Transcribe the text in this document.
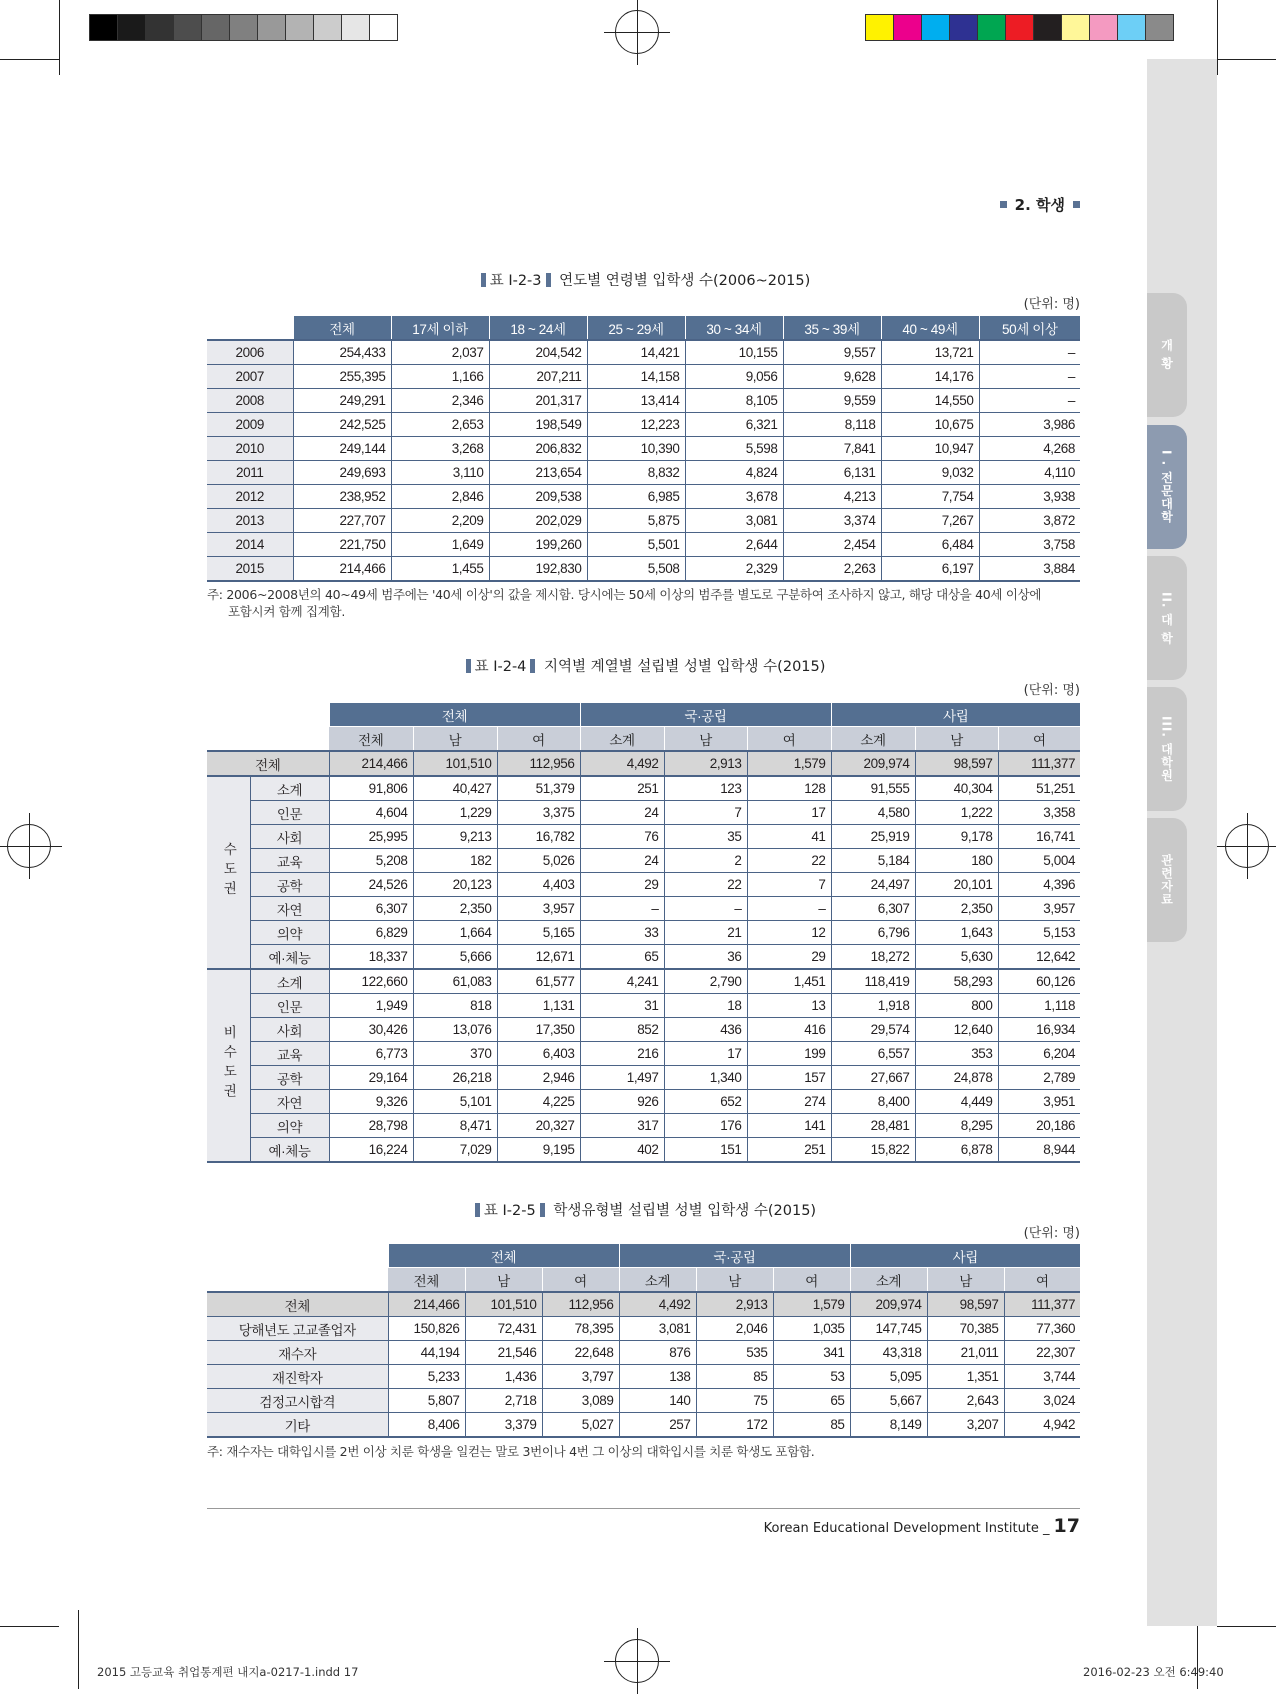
개 황
I . 전문대학
II. 대 학
III. 대학원
관련자료
2. 학생
표 I-2-3 연도별 연령별 입학생 수(2006~2015)
(단위: 명)
	전체	17세 이하	18 ~ 24세	25 ~ 29세	30 ~ 34세	35 ~ 39세	40 ~ 49세	50세 이상
2006	254,433	2,037	204,542	14,421	10,155	9,557	13,721	–
2007	255,395	1,166	207,211	14,158	9,056	9,628	14,176	–
2008	249,291	2,346	201,317	13,414	8,105	9,559	14,550	–
2009	242,525	2,653	198,549	12,223	6,321	8,118	10,675	3,986
2010	249,144	3,268	206,832	10,390	5,598	7,841	10,947	4,268
2011	249,693	3,110	213,654	8,832	4,824	6,131	9,032	4,110
2012	238,952	2,846	209,538	6,985	3,678	4,213	7,754	3,938
2013	227,707	2,209	202,029	5,875	3,081	3,374	7,267	3,872
2014	221,750	1,649	199,260	5,501	2,644	2,454	6,484	3,758
2015	214,466	1,455	192,830	5,508	2,329	2,263	6,197	3,884
주: 2006~2008년의 40~49세 범주에는 '40세 이상'의 값을 제시함. 당시에는 50세 이상의 범주를 별도로 구분하여 조사하지 않고, 해당 대상을 40세 이상에
포함시켜 함께 집계함.
표 I-2-4 지역별 계열별 설립별 성별 입학생 수(2015)
(단위: 명)
		전체			국·공립			사립		
		전체	남	여	소계	남	여	소계	남	여
전체		214,466	101,510	112,956	4,492	2,913	1,579	209,974	98,597	111,377
수도권	소계	91,806	40,427	51,379	251	123	128	91,555	40,304	51,251
	인문	4,604	1,229	3,375	24	7	17	4,580	1,222	3,358
	사회	25,995	9,213	16,782	76	35	41	25,919	9,178	16,741
	교육	5,208	182	5,026	24	2	22	5,184	180	5,004
	공학	24,526	20,123	4,403	29	22	7	24,497	20,101	4,396
	자연	6,307	2,350	3,957	–	–	–	6,307	2,350	3,957
	의약	6,829	1,664	5,165	33	21	12	6,796	1,643	5,153
	예·체능	18,337	5,666	12,671	65	36	29	18,272	5,630	12,642
비수도권	소계	122,660	61,083	61,577	4,241	2,790	1,451	118,419	58,293	60,126
	인문	1,949	818	1,131	31	18	13	1,918	800	1,118
	사회	30,426	13,076	17,350	852	436	416	29,574	12,640	16,934
	교육	6,773	370	6,403	216	17	199	6,557	353	6,204
	공학	29,164	26,218	2,946	1,497	1,340	157	27,667	24,878	2,789
	자연	9,326	5,101	4,225	926	652	274	8,400	4,449	3,951
	의약	28,798	8,471	20,327	317	176	141	28,481	8,295	20,186
	예·체능	16,224	7,029	9,195	402	151	251	15,822	6,878	8,944
표 I-2-5 학생유형별 설립별 성별 입학생 수(2015)
(단위: 명)
	전체			국·공립			사립		
	전체	남	여	소계	남	여	소계	남	여
전체	214,466	101,510	112,956	4,492	2,913	1,579	209,974	98,597	111,377
당해년도 고교졸업자	150,826	72,431	78,395	3,081	2,046	1,035	147,745	70,385	77,360
재수자	44,194	21,546	22,648	876	535	341	43,318	21,011	22,307
재진학자	5,233	1,436	3,797	138	85	53	5,095	1,351	3,744
검정고시합격	5,807	2,718	3,089	140	75	65	5,667	2,643	3,024
기타	8,406	3,379	5,027	257	172	85	8,149	3,207	4,942
주: 재수자는 대학입시를 2번 이상 치룬 학생을 일컫는 말로 3번이나 4번 그 이상의 대학입시를 치룬 학생도 포함함.
Korean Educational Development Institute _ 17
2015 고등교육 취업통계편 내지a-0217-1.indd 17	2016-02-23 오전 6:49:40
